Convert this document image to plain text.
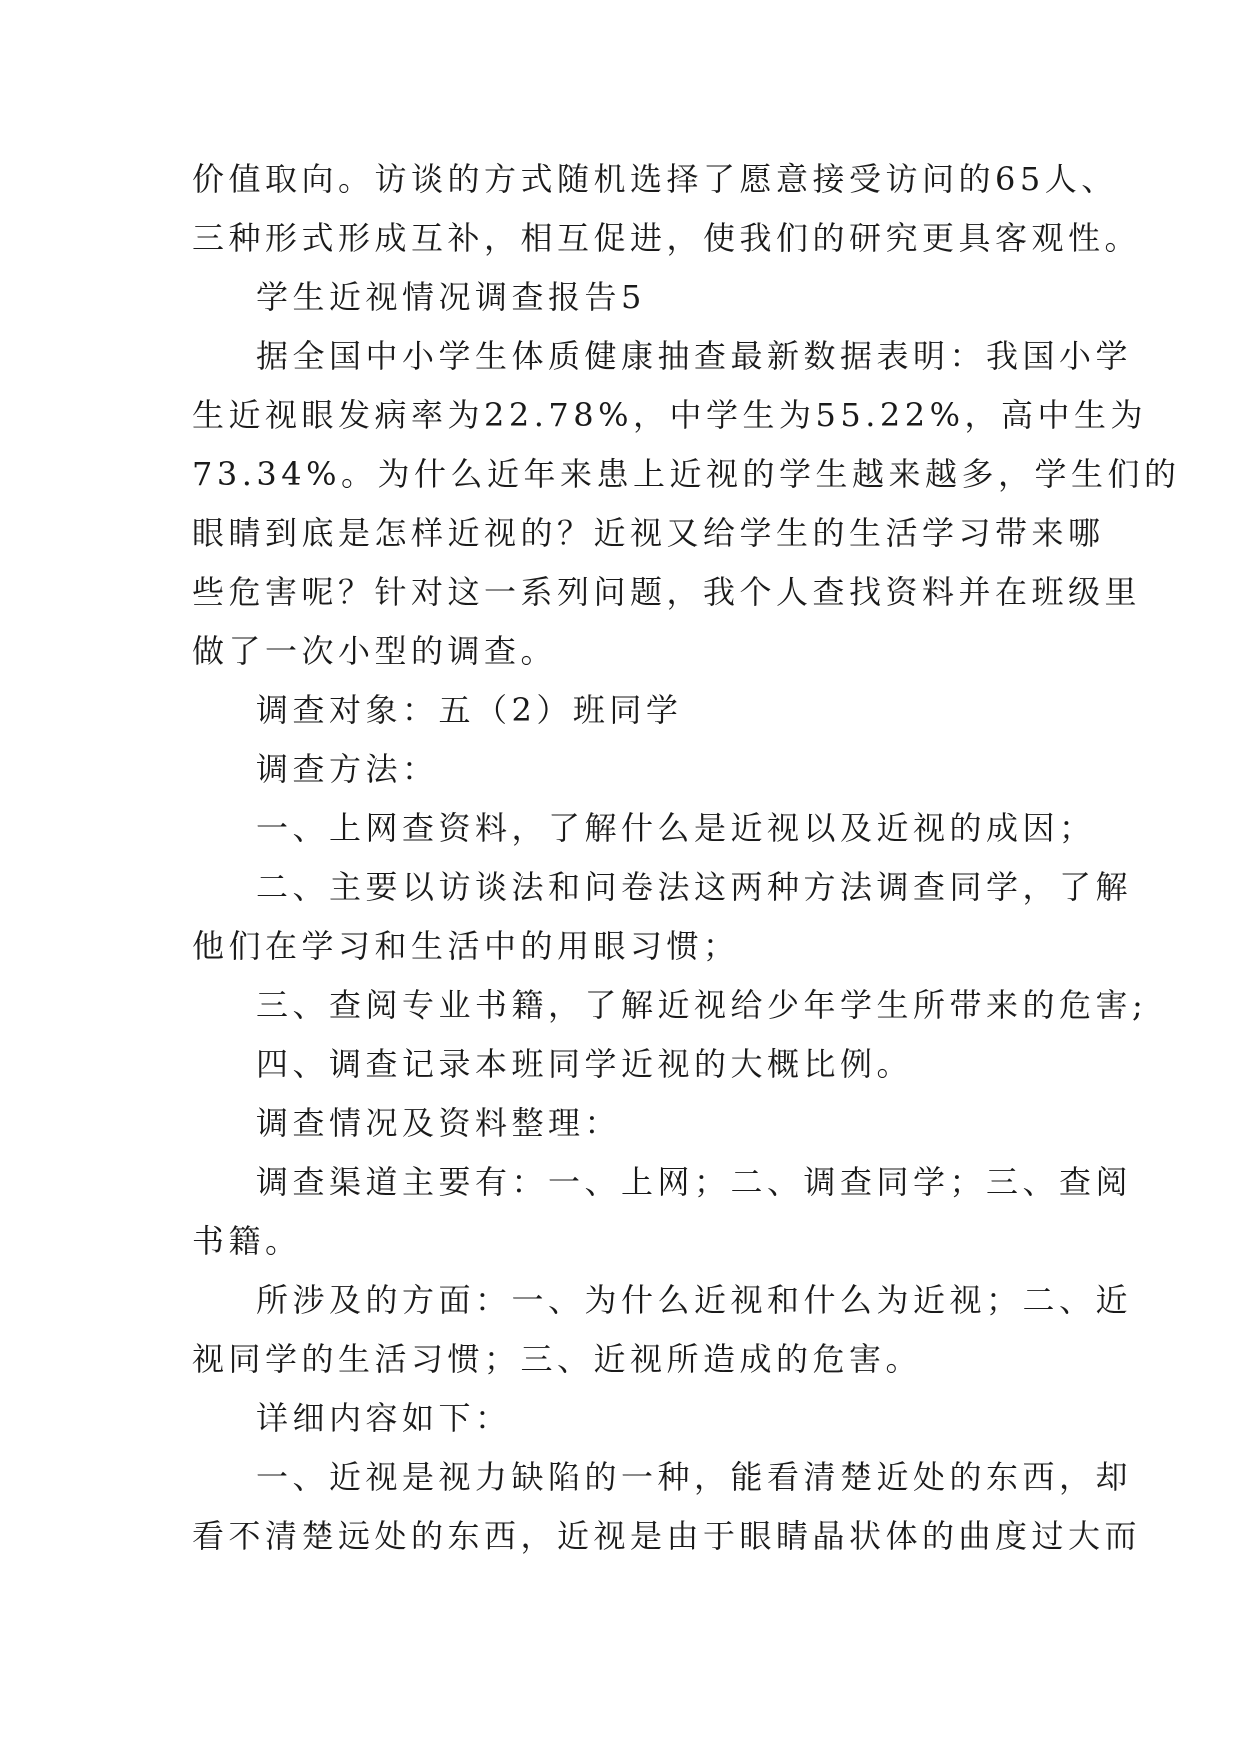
价值取向。访谈的方式随机选择了愿意接受访问的65人、
三种形式形成互补，相互促进，使我们的研究更具客观性。
学生近视情况调查报告5
据全国中小学生体质健康抽查最新数据表明：我国小学
生近视眼发病率为22.78%，中学生为55.22%，高中生为
73.34%。为什么近年来患上近视的学生越来越多，学生们的
眼睛到底是怎样近视的？近视又给学生的生活学习带来哪
些危害呢？针对这一系列问题，我个人查找资料并在班级里
做了一次小型的调查。
调查对象：五（2）班同学
调查方法：
一、上网查资料，了解什么是近视以及近视的成因；
二、主要以访谈法和问卷法这两种方法调查同学，了解
他们在学习和生活中的用眼习惯；
三、查阅专业书籍，了解近视给少年学生所带来的危害;
四、调查记录本班同学近视的大概比例。
调查情况及资料整理：
调查渠道主要有：一、上网；二、调查同学；三、查阅
书籍。
所涉及的方面：一、为什么近视和什么为近视；二、近
视同学的生活习惯；三、近视所造成的危害。
详细内容如下：
一、近视是视力缺陷的一种，能看清楚近处的东西，却
看不清楚远处的东西，近视是由于眼睛晶状体的曲度过大而
